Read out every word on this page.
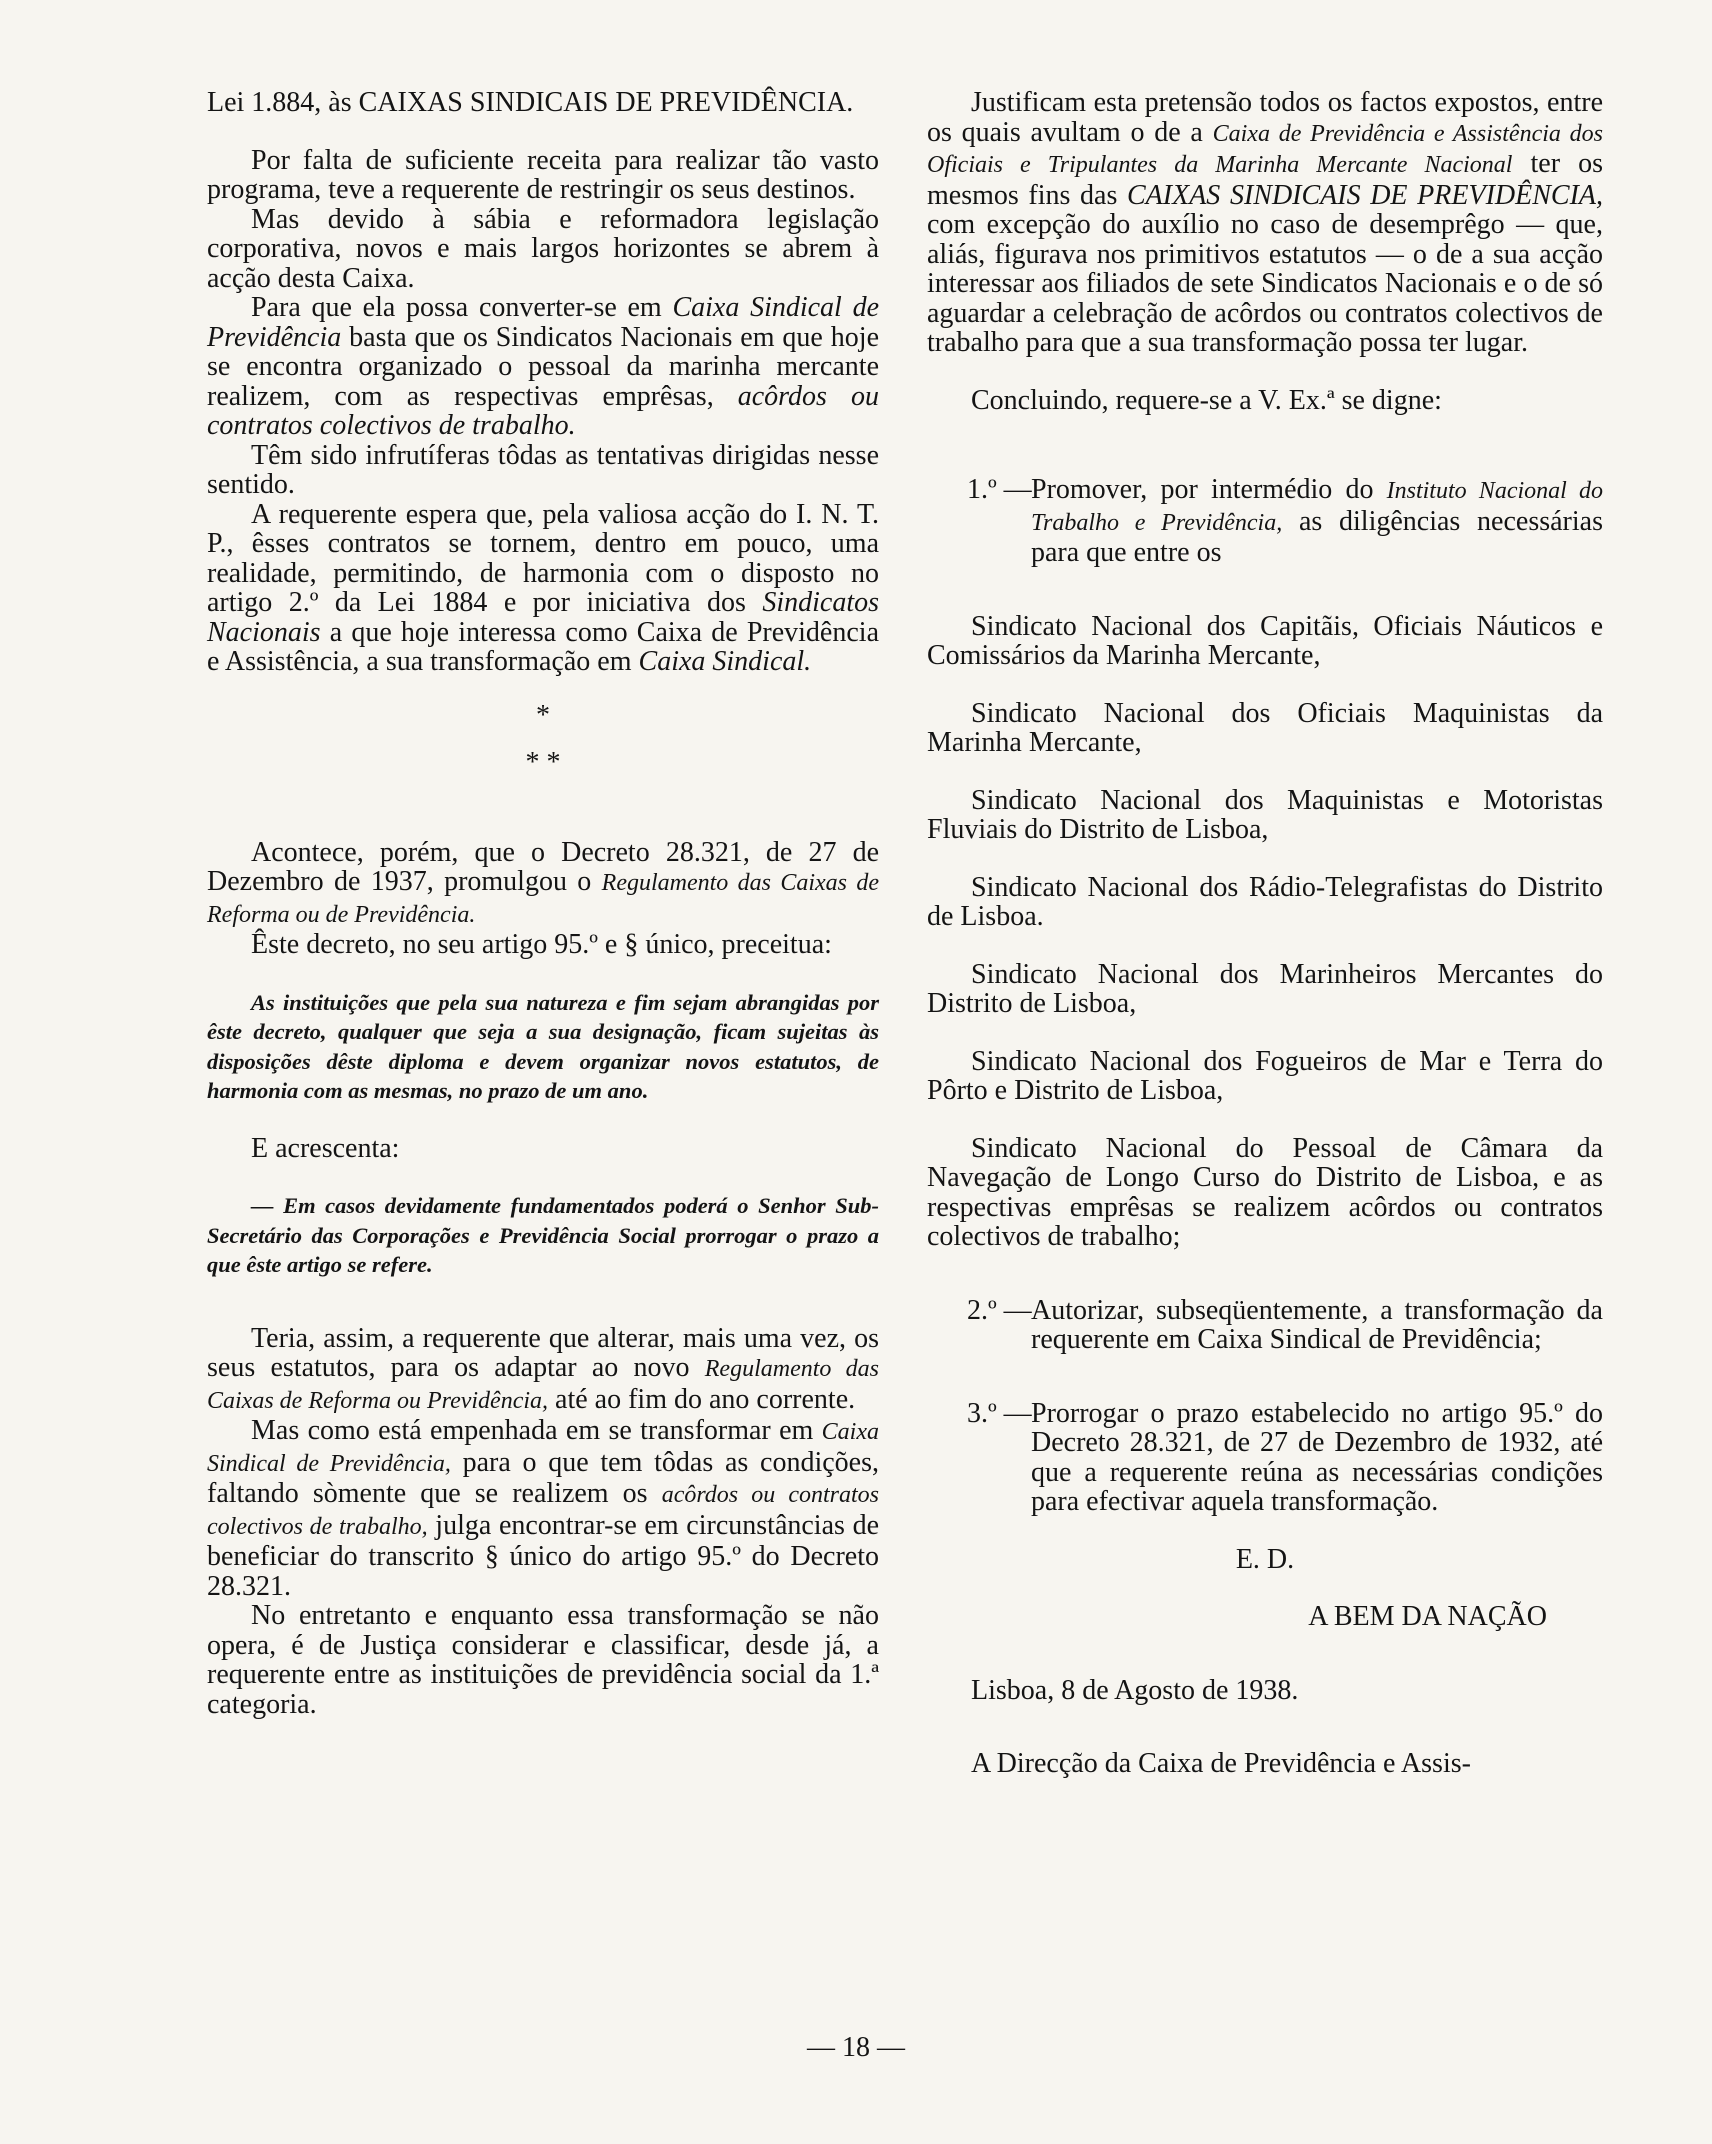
Lei 1.884, às CAIXAS SINDICAIS DE PREVIDÊNCIA.

Por falta de suficiente receita para realizar tão vasto programa, teve a requerente de restringir os seus destinos.

Mas devido à sábia e reformadora legislação corporativa, novos e mais largos horizontes se abrem à acção desta Caixa.

Para que ela possa converter-se em Caixa Sindical de Previdência basta que os Sindicatos Nacionais em que hoje se encontra organizado o pessoal da marinha mercante realizem, com as respectivas emprêsas, acôrdos ou contratos colectivos de trabalho.

Têm sido infrutíferas tôdas as tentativas dirigidas nesse sentido.

A requerente espera que, pela valiosa acção do I. N. T. P., êsses contratos se tornem, dentro em pouco, uma realidade, permitindo, de harmonia com o disposto no artigo 2.º da Lei 1884 e por iniciativa dos Sindicatos Nacionais a que hoje interessa como Caixa de Previdência e Assistência, a sua transformação em Caixa Sindical.

*
* *

Acontece, porém, que o Decreto 28.321, de 27 de Dezembro de 1937, promulgou o Regulamento das Caixas de Reforma ou de Previdência.

Êste decreto, no seu artigo 95.º e § único, preceitua:

As instituições que pela sua natureza e fim sejam abrangidas por êste decreto, qualquer que seja a sua designação, ficam sujeitas às disposições dêste diploma e devem organizar novos estatutos, de harmonia com as mesmas, no prazo de um ano.

E acrescenta:

— Em casos devidamente fundamentados poderá o Senhor Sub-Secretário das Corporações e Previdência Social prorrogar o prazo a que êste artigo se refere.

Teria, assim, a requerente que alterar, mais uma vez, os seus estatutos, para os adaptar ao novo Regulamento das Caixas de Reforma ou Previdência, até ao fim do ano corrente.

Mas como está empenhada em se transformar em Caixa Sindical de Previdência, para o que tem tôdas as condições, faltando sòmente que se realizem os acôrdos ou contratos colectivos de trabalho, julga encontrar-se em circunstâncias de beneficiar do transcrito § único do artigo 95.º do Decreto 28.321.

No entretanto e enquanto essa transformação se não opera, é de Justiça considerar e classificar, desde já, a requerente entre as instituições de previdência social da 1.ª categoria.

Justificam esta pretensão todos os factos expostos, entre os quais avultam o de a Caixa de Previdência e Assistência dos Oficiais e Tripulantes da Marinha Mercante Nacional ter os mesmos fins das CAIXAS SINDICAIS DE PREVIDÊNCIA, com excepção do auxílio no caso de desemprêgo — que, aliás, figurava nos primitivos estatutos — o de a sua acção interessar aos filiados de sete Sindicatos Nacionais e o de só aguardar a celebração de acôrdos ou contratos colectivos de trabalho para que a sua transformação possa ter lugar.

Concluindo, requere-se a V. Ex.ª se digne:

1.º — Promover, por intermédio do Instituto Nacional do Trabalho e Previdência, as diligências necessárias para que entre os

Sindicato Nacional dos Capitãis, Oficiais Náuticos e Comissários da Marinha Mercante,

Sindicato Nacional dos Oficiais Maquinistas da Marinha Mercante,

Sindicato Nacional dos Maquinistas e Motoristas Fluviais do Distrito de Lisboa,

Sindicato Nacional dos Rádio-Telegrafistas do Distrito de Lisboa.

Sindicato Nacional dos Marinheiros Mercantes do Distrito de Lisboa,

Sindicato Nacional dos Fogueiros de Mar e Terra do Pôrto e Distrito de Lisboa,

Sindicato Nacional do Pessoal de Câmara da Navegação de Longo Curso do Distrito de Lisboa, e as respectivas emprêsas se realizem acôrdos ou contratos colectivos de trabalho;

2.º — Autorizar, subseqüentemente, a transformação da requerente em Caixa Sindical de Previdência;
3.º — Prorrogar o prazo estabelecido no artigo 95.º do Decreto 28.321, de 27 de Dezembro de 1932, até que a requerente reúna as necessárias condições para efectivar aquela transformação.

E. D.

A BEM DA NAÇÃO

Lisboa, 8 de Agosto de 1938.

A Direcção da Caixa de Previdência e Assis-

— 18 —
